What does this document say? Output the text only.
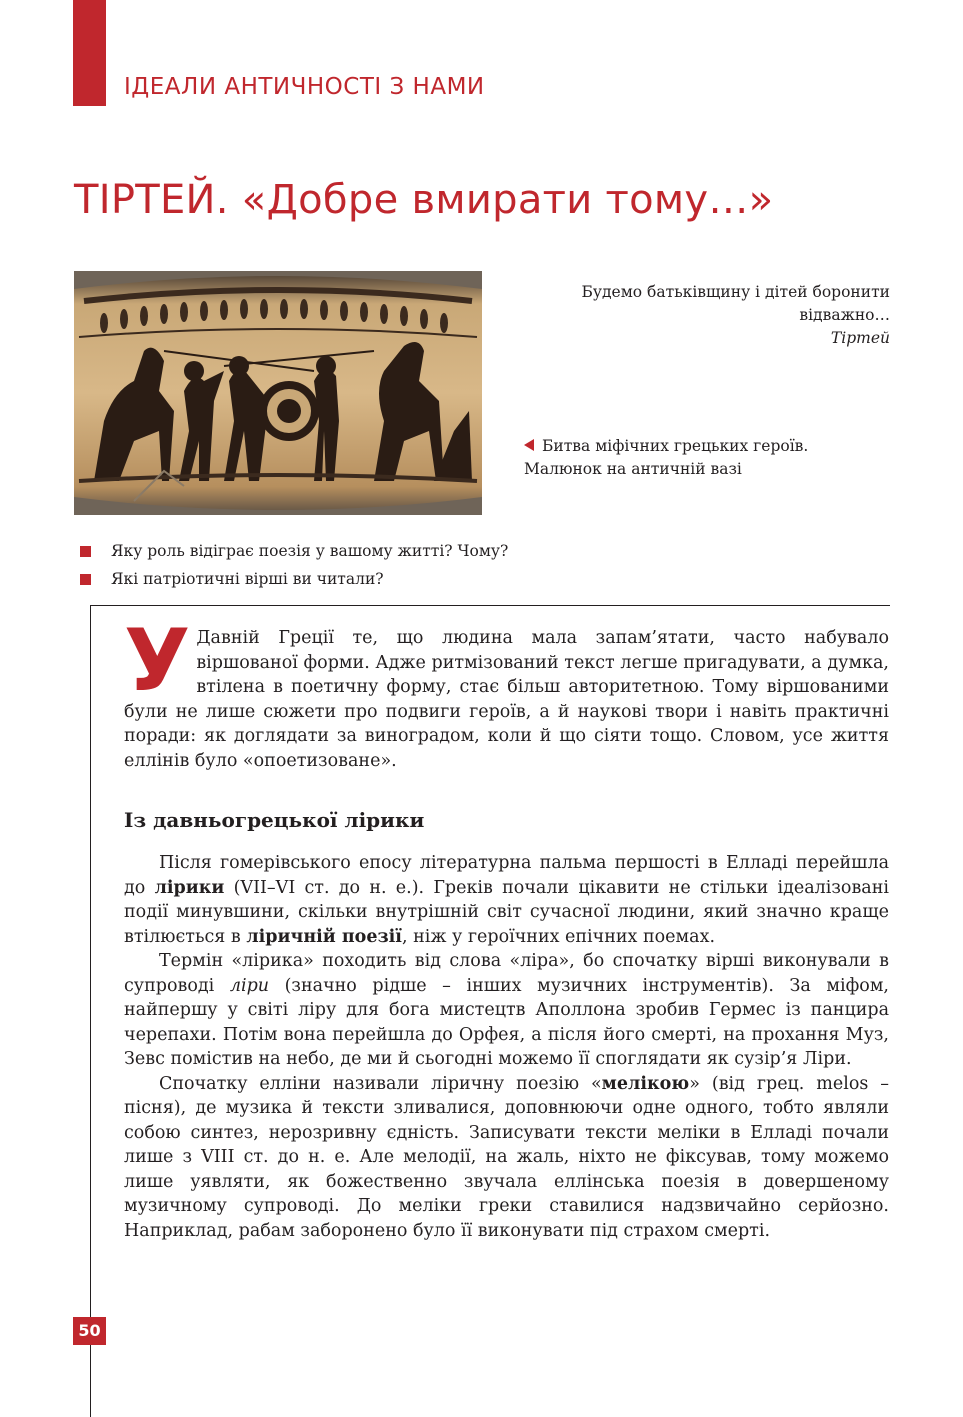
ІДЕАЛИ АНТИЧНОСТІ З НАМИ
ТІРТЕЙ. «Добре вмирати тому…»
Будемо батьківщину і дітей боронити
відважно…
Тіртей
Битва міфічних грецьких героїв.
Малюнок на античній вазі
Яку роль відіграє поезія у вашому житті? Чому?
Які патріотичні вірші ви читали?

У Давній Греції те, що людина мала запам’ятати, часто набувало віршованої форми. Адже ритмізований текст легше пригадувати, а думка, втілена в поетичну форму, стає більш авторитетною. Тому віршованими були не лише сюжети про подвиги героїв, а й наукові твори і навіть практичні поради: як доглядати за виноградом, коли й що сіяти тощо. Словом, усе життя еллінів було «опоетизоване».

Із давньогрецької лірики

Після гомерівського епосу літературна пальма першості в Елладі перейшла до лірики (VII–VI ст. до н. е.). Греків почали цікавити не стільки ідеалізовані події минувшини, скільки внутрішній світ сучасної людини, який значно краще втілюється в ліричній поезії, ніж у героїчних епічних поемах.

Термін «лірика» походить від слова «ліра», бо спочатку вірші виконували в супроводі ліри (значно рідше – інших музичних інструментів). За міфом, найпершу у світі ліру для бога мистецтв Аполлона зробив Гермес із панцира черепахи. Потім вона перейшла до Орфея, а після його смерті, на прохання Муз, Зевс помістив на небо, де ми й сьогодні можемо її споглядати як сузір’я Ліри.

Спочатку елліни називали ліричну поезію «мелікою» (від грец. melos – пісня), де музика й тексти зливалися, доповнюючи одне одного, тобто являли собою синтез, нерозривну єдність. Записувати тексти меліки в Елладі почали лише з VIII ст. до н. е. Але мелодії, на жаль, ніхто не фіксував, тому можемо лише уявляти, як божественно звучала еллінська поезія в довершеному музичному супроводі. До меліки греки ставилися надзвичайно серйозно. Наприклад, рабам заборонено було її виконувати під страхом смерті.

50
